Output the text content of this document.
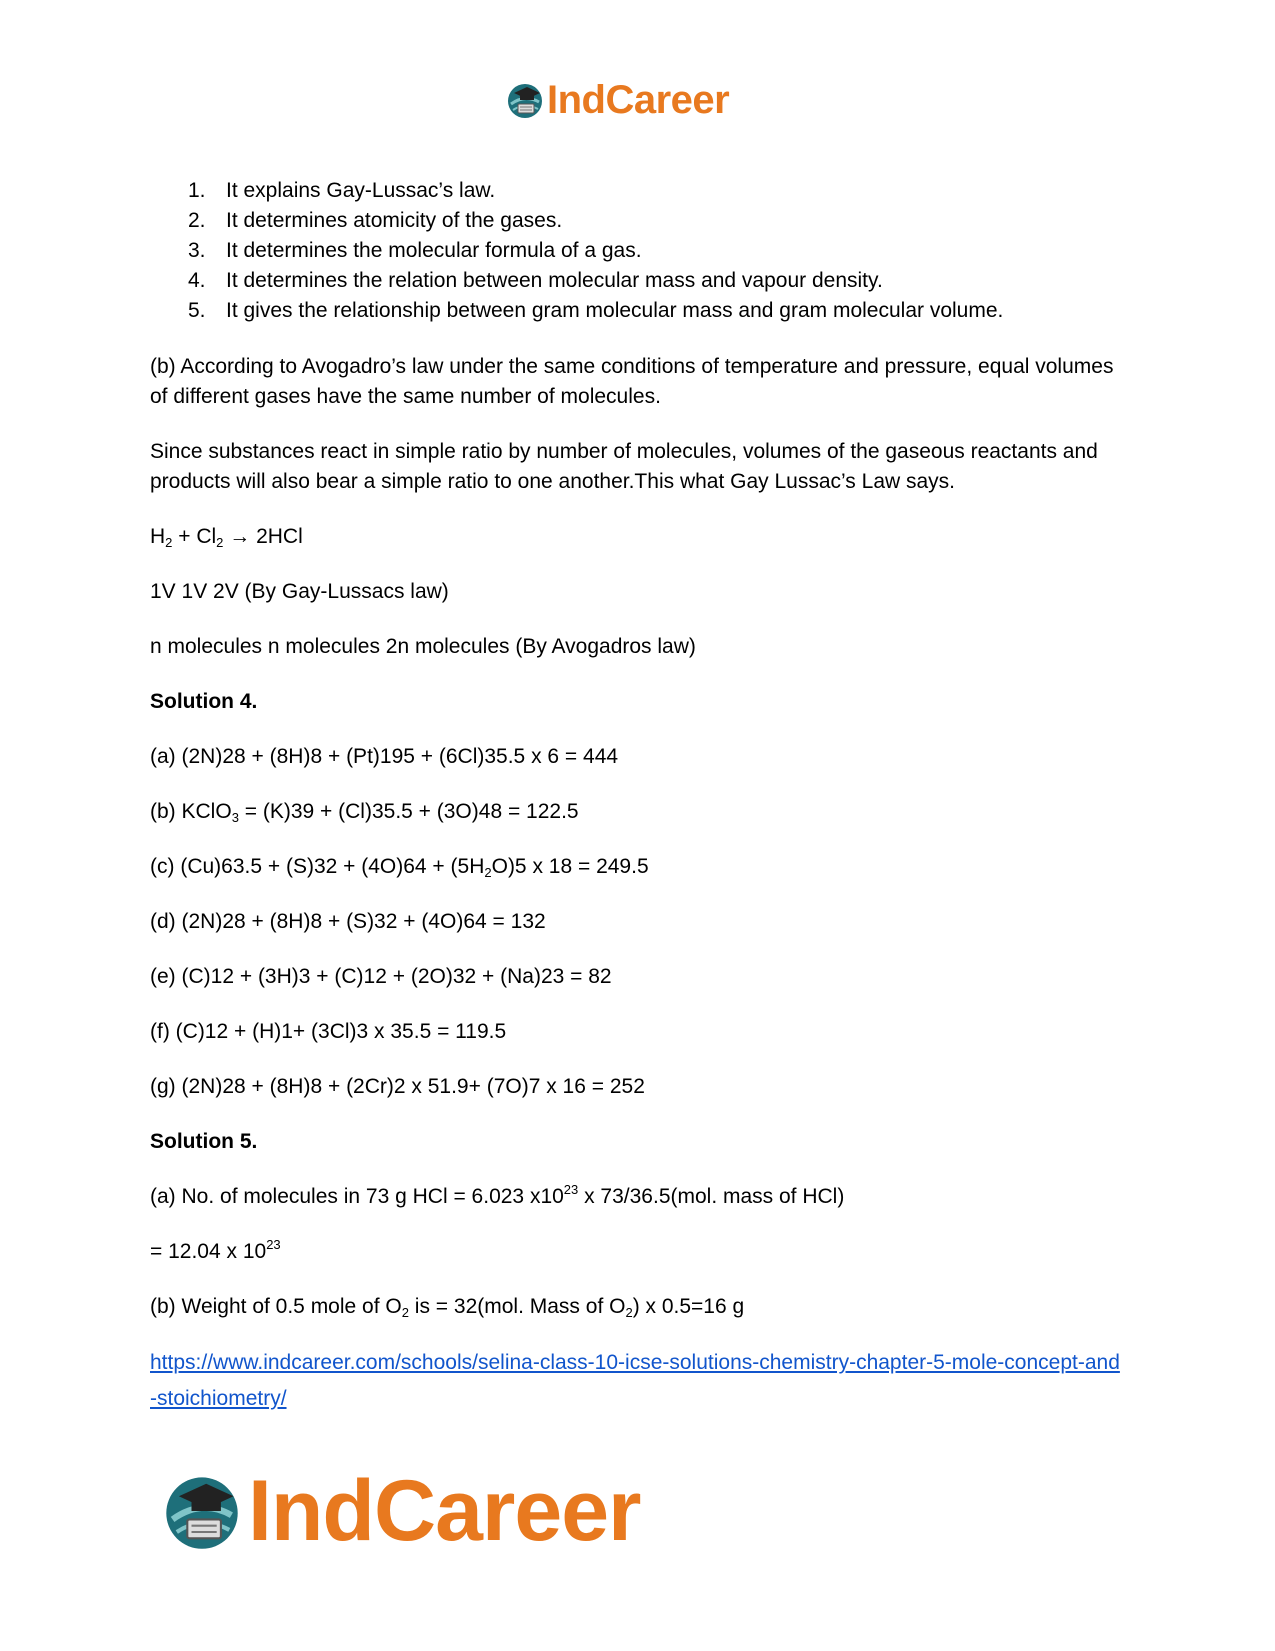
IndCareer
1. It explains Gay-Lussac’s law.
2. It determines atomicity of the gases.
3. It determines the molecular formula of a gas.
4. It determines the relation between molecular mass and vapour density.
5. It gives the relationship between gram molecular mass and gram molecular volume.

(b) According to Avogadro’s law under the same conditions of temperature and pressure, equal volumes of different gases have the same number of molecules.

Since substances react in simple ratio by number of molecules, volumes of the gaseous reactants and products will also bear a simple ratio to one another.This what Gay Lussac’s Law says.

$H_2 + Cl_2 \to 2HCl$

1V 1V 2V (By Gay-Lussacs law)

n molecules n molecules 2n molecules (By Avogadros law)

Solution 4.

(a) (2N)28 + (8H)8 + (Pt)195 + (6Cl)35.5 x 6 = 444

(b) KClO$_3$ = (K)39 + (Cl)35.5 + (3O)48 = 122.5

(c) $(Cu)63.5 + (S)32 + (4O)64 + (5H_2O)5$ x 18 = 249.5

(d) (2N)28 + (8H)8 + (S)32 + (4O)64 = 132

(e) (C)12 + (3H)3 + (C)12 + (2O)32 + (Na)23 = 82

(f) (C)12 + (H)1+ (3Cl)3 x 35.5 = 119.5

(g) (2N)28 + (8H)8 + (2Cr)2 x 51.9+ (7O)7 x 16 = 252

Solution 5.

(a) No. of molecules in 73 g HCl = 6.023 $x10^{23}$ x 73/36.5(mol. mass of HCl)

= 12.04 x $10^{23}$

(b) Weight of 0.5 mole of $O_2$ is = 32(mol. Mass of $O_2$) x 0.5=16 g

https://www.indcareer.com/schools/selina-class-10-icse-solutions-chemistry-chapter-5-mole-concept-and-stoichiometry/
IndCareer
